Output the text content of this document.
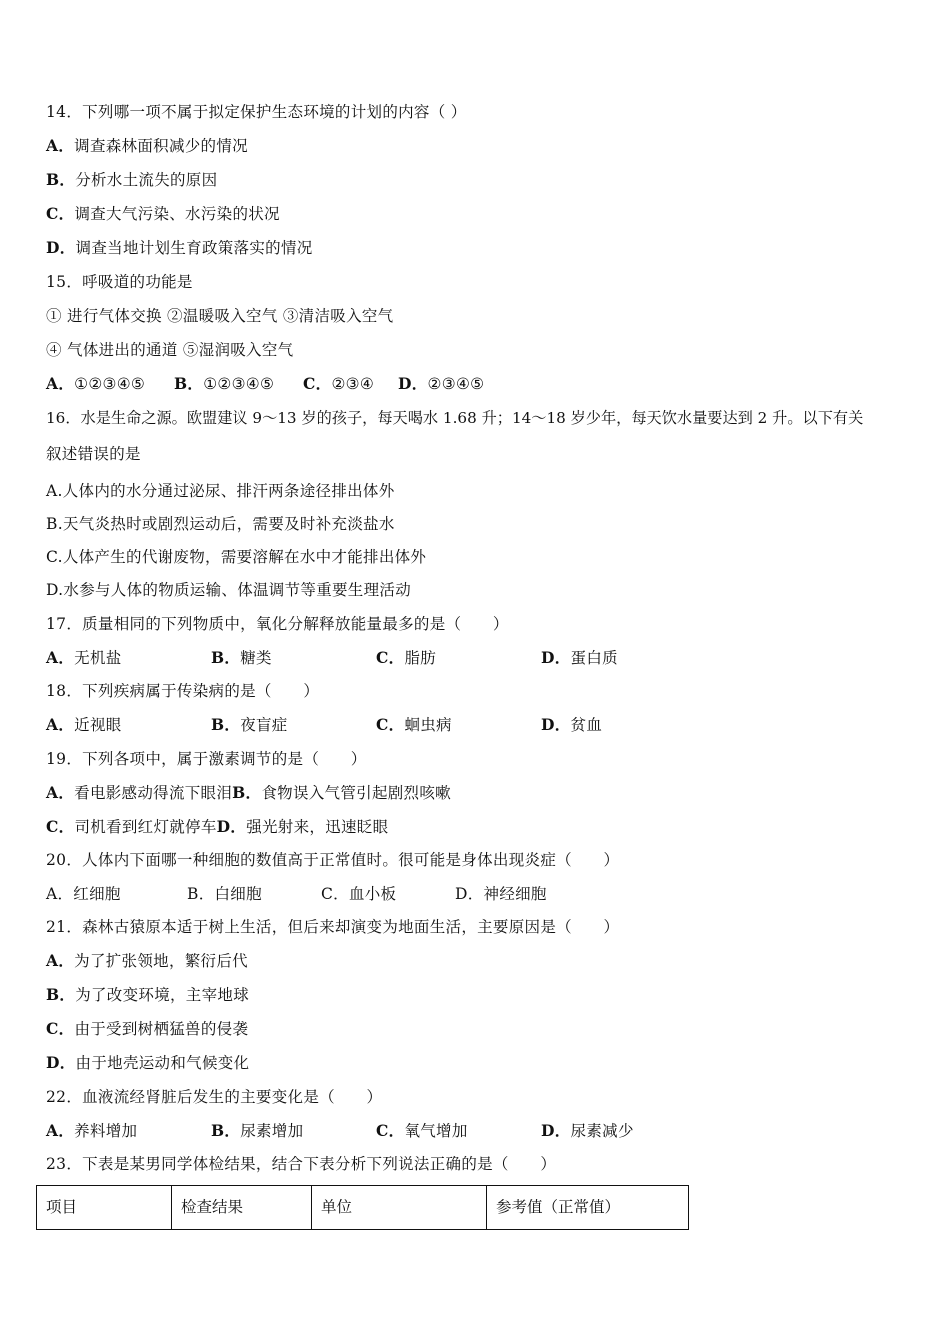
14．下列哪一项不属于拟定保护生态环境的计划的内容（ ）
A．调查森林面积减少的情况
B．分析水土流失的原因
C．调查大气污染、水污染的状况
D．调查当地计划生育政策落实的情况
15．呼吸道的功能是
① 进行气体交换 ②温暖吸入空气 ③清洁吸入空气
④ 气体进出的通道 ⑤湿润吸入空气
A．①②③④⑤ B．①②③④⑤ C．②③④ D．②③④⑤
16．水是生命之源。欧盟建议 9～13 岁的孩子，每天喝水 1.68 升；14～18 岁少年，每天饮水量要达到 2 升。以下有关
叙述错误的是
A.人体内的水分通过泌尿、排汗两条途径排出体外
B.天气炎热时或剧烈运动后，需要及时补充淡盐水
C.人体产生的代谢废物，需要溶解在水中才能排出体外
D.水参与人体的物质运输、体温调节等重要生理活动
17．质量相同的下列物质中，氧化分解释放能量最多的是（　　）
A．无机盐	B．糖类	C．脂肪	D．蛋白质
18．下列疾病属于传染病的是（　　）
A．近视眼	B．夜盲症	C．蛔虫病	D．贫血
19．下列各项中，属于激素调节的是（　　）
A．看电影感动得流下眼泪B．食物误入气管引起剧烈咳嗽
C．司机看到红灯就停车D．强光射来，迅速眨眼
20．人体内下面哪一种细胞的数值高于正常值时。很可能是身体出现炎症（　　）
A．红细胞	B．白细胞	C．血小板	D．神经细胞
21．森林古猿原本适于树上生活，但后来却演变为地面生活，主要原因是（　　）
A．为了扩张领地，繁衍后代
B．为了改变环境，主宰地球
C．由于受到树栖猛兽的侵袭
D．由于地壳运动和气候变化
22．血液流经肾脏后发生的主要变化是（　　）
A．养料增加	B．尿素增加	C．氧气增加	D．尿素减少
23．下表是某男同学体检结果，结合下表分析下列说法正确的是（　　）
项目	检查结果	单位	参考值（正常值）
